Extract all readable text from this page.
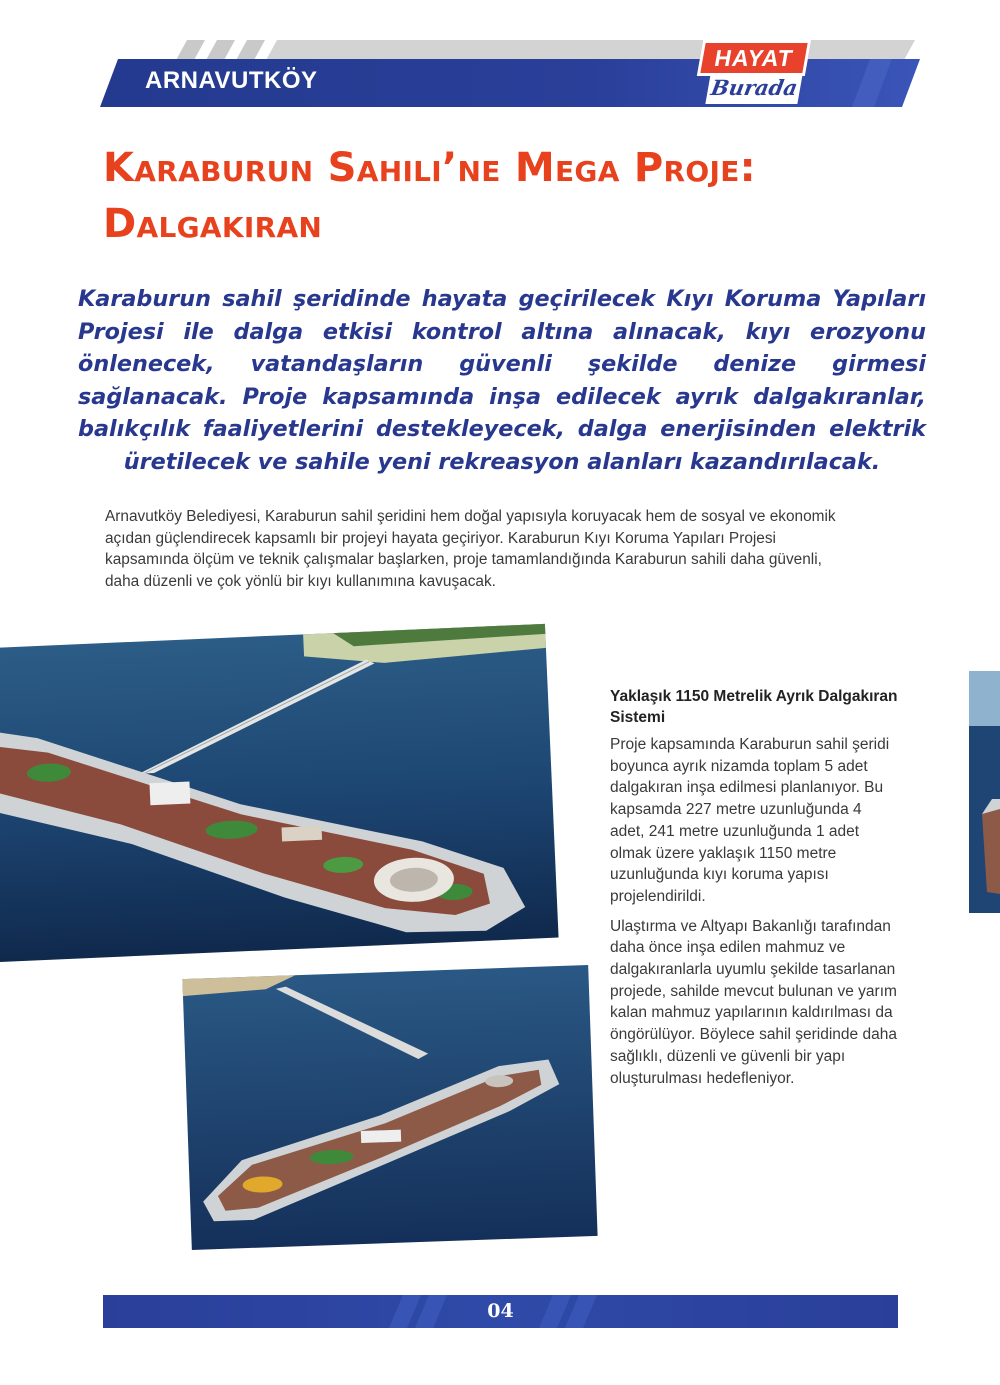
ARNAVUTKÖY
HAYAT
Burada
Karaburun Sahili’ne Mega Proje: Dalgakıran

Karaburun sahil şeridinde hayata geçirilecek Kıyı Koruma Yapıları Projesi ile dalga etkisi kontrol altına alınacak, kıyı erozyonu önlenecek, vatandaşların güvenli şekilde denize girmesi sağlanacak. Proje kapsamında inşa edilecek ayrık dalgakıranlar, balıkçılık faaliyetlerini destekleyecek, dalga enerjisinden elektrik üretilecek ve sahile yeni rekreasyon alanları kazandırılacak.

Arnavutköy Belediyesi, Karaburun sahil şeridini hem doğal yapısıyla koruyacak hem de sosyal ve ekonomik açıdan güçlendirecek kapsamlı bir projeyi hayata geçiriyor. Karaburun Kıyı Koruma Yapıları Projesi kapsamında ölçüm ve teknik çalışmalar başlarken, proje tamamlandığında Karaburun sahili daha güvenli, daha düzenli ve çok yönlü bir kıyı kullanımına kavuşacak.

Yaklaşık 1150 Metrelik Ayrık Dalgakıran Sistemi

Proje kapsamında Karaburun sahil şeridi boyunca ayrık nizamda toplam 5 adet dalgakıran inşa edilmesi planlanıyor. Bu kapsamda 227 metre uzunluğunda 4 adet, 241 metre uzunluğunda 1 adet olmak üzere yaklaşık 1150 metre uzunluğunda kıyı koruma yapısı projelendirildi.

Ulaştırma ve Altyapı Bakanlığı tarafından daha önce inşa edilen mahmuz ve dalgakıranlarla uyumlu şekilde tasarlanan projede, sahilde mevcut bulunan ve yarım kalan mahmuz yapılarının kaldırılması da öngörülüyor. Böylece sahil şeridinde daha sağlıklı, düzenli ve güvenli bir yapı oluşturulması hedefleniyor.

04
